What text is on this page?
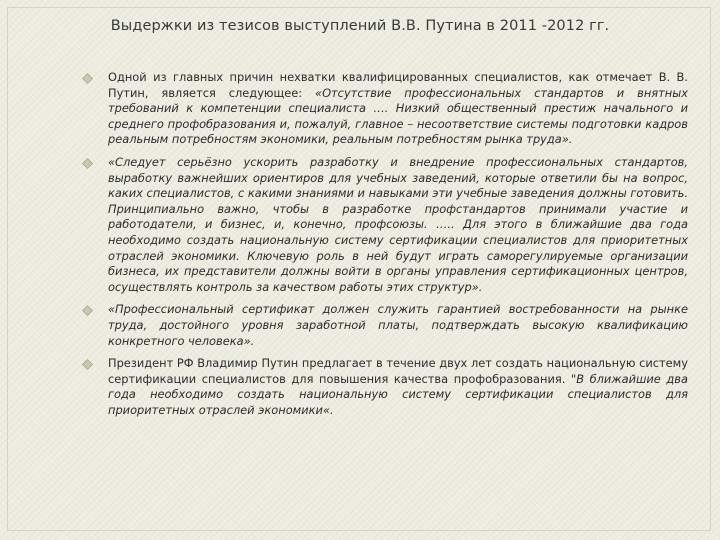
Выдержки из тезисов выступлений В.В. Путина в 2011 -2012 гг.
Одной из главных причин нехватки квалифицированных специалистов, как отмечает В. В. Путин, является следующее: «Отсутствие профессиональных стандартов и внятных требований к компетенции специалиста …. Низкий общественный престиж начального и среднего профобразования и, пожалуй, главное – несоответствие системы подготовки кадров реальным потребностям экономики, реальным потребностям рынка труда».
«Следует серьёзно ускорить разработку и внедрение профессиональных стандартов, выработку важнейших ориентиров для учебных заведений, которые ответили бы на вопрос, каких специалистов, с какими знаниями и навыками эти учебные заведения должны готовить. Принципиально важно, чтобы в разработке профстандартов принимали участие и работодатели, и бизнес, и, конечно, профсоюзы. ….. Для этого в ближайшие два года необходимо создать национальную систему сертификации специалистов для приоритетных отраслей экономики. Ключевую роль в ней будут играть саморегулируемые организации бизнеса, их представители должны войти в органы управления сертификационных центров, осуществлять контроль за качеством работы этих структур».
«Профессиональный сертификат должен служить гарантией востребованности на рынке труда, достойного уровня заработной платы, подтверждать высокую квалификацию конкретного человека».
Президент РФ Владимир Путин предлагает в течение двух лет создать национальную систему сертификации специалистов для повышения качества профобразования. "В ближайшие два года необходимо создать национальную систему сертификации специалистов для приоритетных отраслей экономики«.
